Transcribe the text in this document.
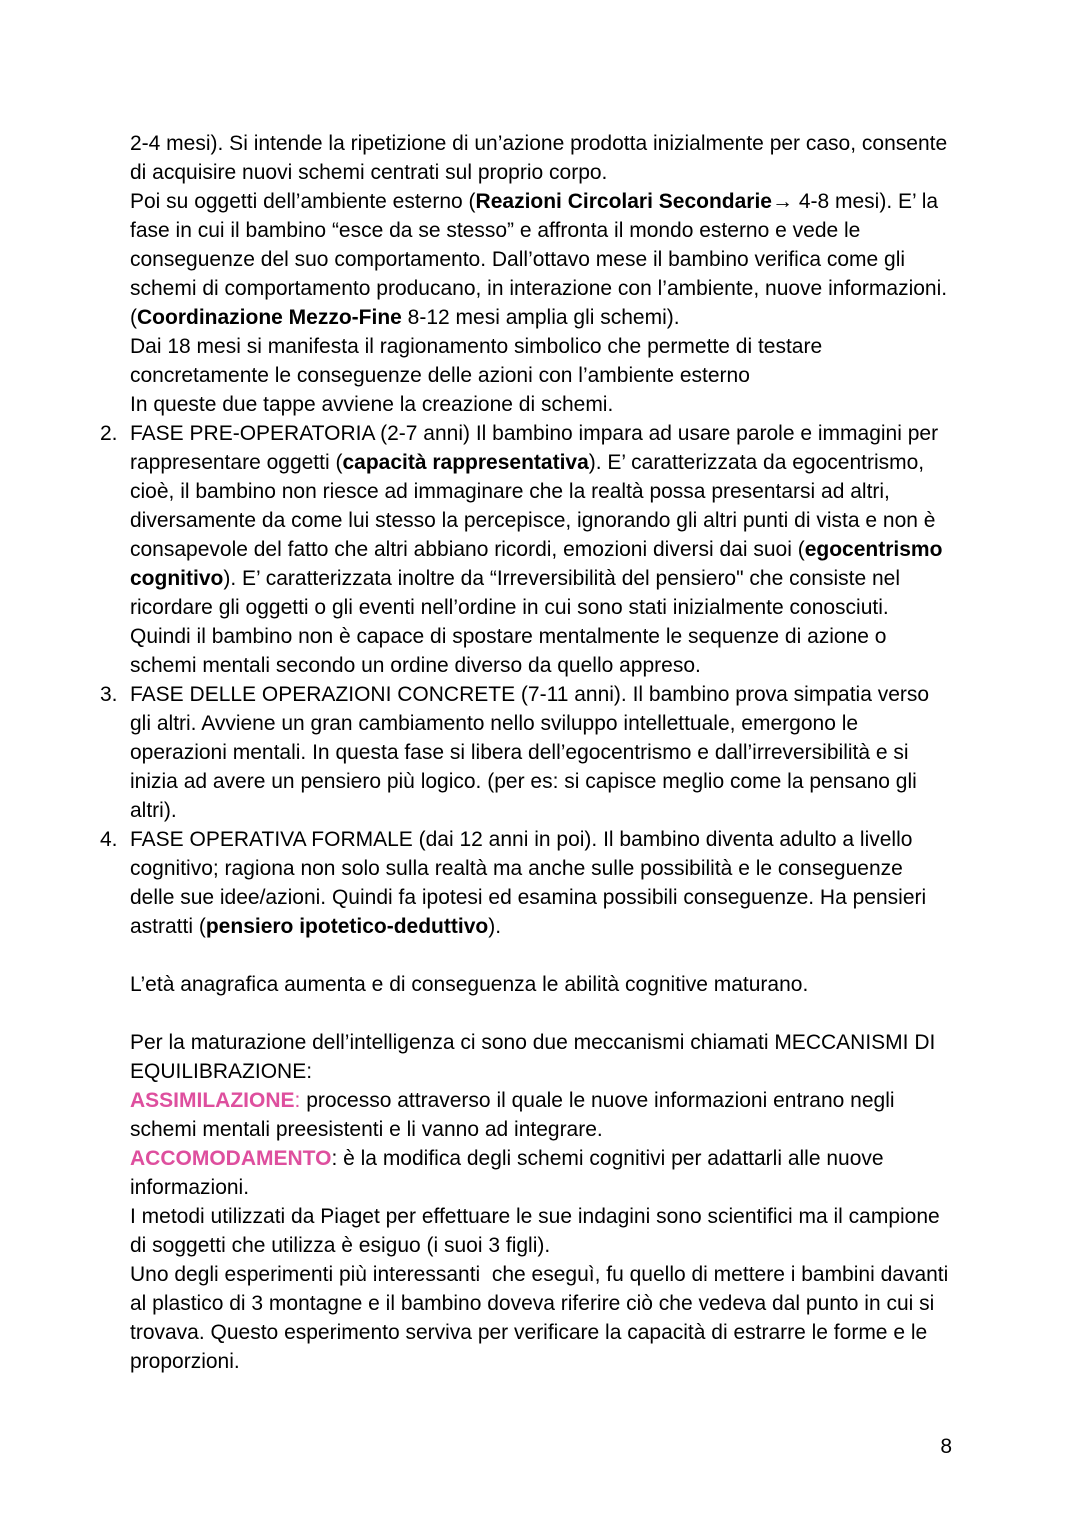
2-4 mesi). Si intende la ripetizione di un’azione prodotta inizialmente per caso, consente di acquisire nuovi schemi centrati sul proprio corpo.
Poi su oggetti dell’ambiente esterno (Reazioni Circolari Secondarie→ 4-8 mesi). E’ la fase in cui il bambino “esce da se stesso” e affronta il mondo esterno e vede le conseguenze del suo comportamento. Dall’ottavo mese il bambino verifica come gli schemi di comportamento producano, in interazione con l’ambiente, nuove informazioni. (Coordinazione Mezzo-Fine 8-12 mesi amplia gli schemi).
Dai 18 mesi si manifesta il ragionamento simbolico che permette di testare concretamente le conseguenze delle azioni con l’ambiente esterno
In queste due tappe avviene la creazione di schemi.
2. FASE PRE-OPERATORIA (2-7 anni) Il bambino impara ad usare parole e immagini per rappresentare oggetti (capacità rappresentativa). E’ caratterizzata da egocentrismo, cioè, il bambino non riesce ad immaginare che la realtà possa presentarsi ad altri, diversamente da come lui stesso la percepisce, ignorando gli altri punti di vista e non è consapevole del fatto che altri abbiano ricordi, emozioni diversi dai suoi (egocentrismo cognitivo). E’ caratterizzata inoltre da “Irreversibilità del pensiero" che consiste nel ricordare gli oggetti o gli eventi nell’ordine in cui sono stati inizialmente conosciuti. Quindi il bambino non è capace di spostare mentalmente le sequenze di azione o schemi mentali secondo un ordine diverso da quello appreso.
3. FASE DELLE OPERAZIONI CONCRETE (7-11 anni). Il bambino prova simpatia verso gli altri. Avviene un gran cambiamento nello sviluppo intellettuale, emergono le operazioni mentali. In questa fase si libera dell’egocentrismo e dall’irreversibilità e si inizia ad avere un pensiero più logico. (per es: si capisce meglio come la pensano gli altri).
4. FASE OPERATIVA FORMALE (dai 12 anni in poi). Il bambino diventa adulto a livello cognitivo; ragiona non solo sulla realtà ma anche sulle possibilità e le conseguenze delle sue idee/azioni. Quindi fa ipotesi ed esamina possibili conseguenze. Ha pensieri astratti (pensiero ipotetico-deduttivo).
L’età anagrafica aumenta e di conseguenza le abilità cognitive maturano.
Per la maturazione dell’intelligenza ci sono due meccanismi chiamati MECCANISMI DI EQUILIBRAZIONE:
ASSIMILAZIONE: processo attraverso il quale le nuove informazioni entrano negli schemi mentali preesistenti e li vanno ad integrare.
ACCOMODAMENTO: è la modifica degli schemi cognitivi per adattarli alle nuove informazioni.
I metodi utilizzati da Piaget per effettuare le sue indagini sono scientifici ma il campione di soggetti che utilizza è esiguo (i suoi 3 figli).
Uno degli esperimenti più interessanti  che eseguì, fu quello di mettere i bambini davanti al plastico di 3 montagne e il bambino doveva riferire ciò che vedeva dal punto in cui si trovava. Questo esperimento serviva per verificare la capacità di estrarre le forme e le proporzioni.
8
